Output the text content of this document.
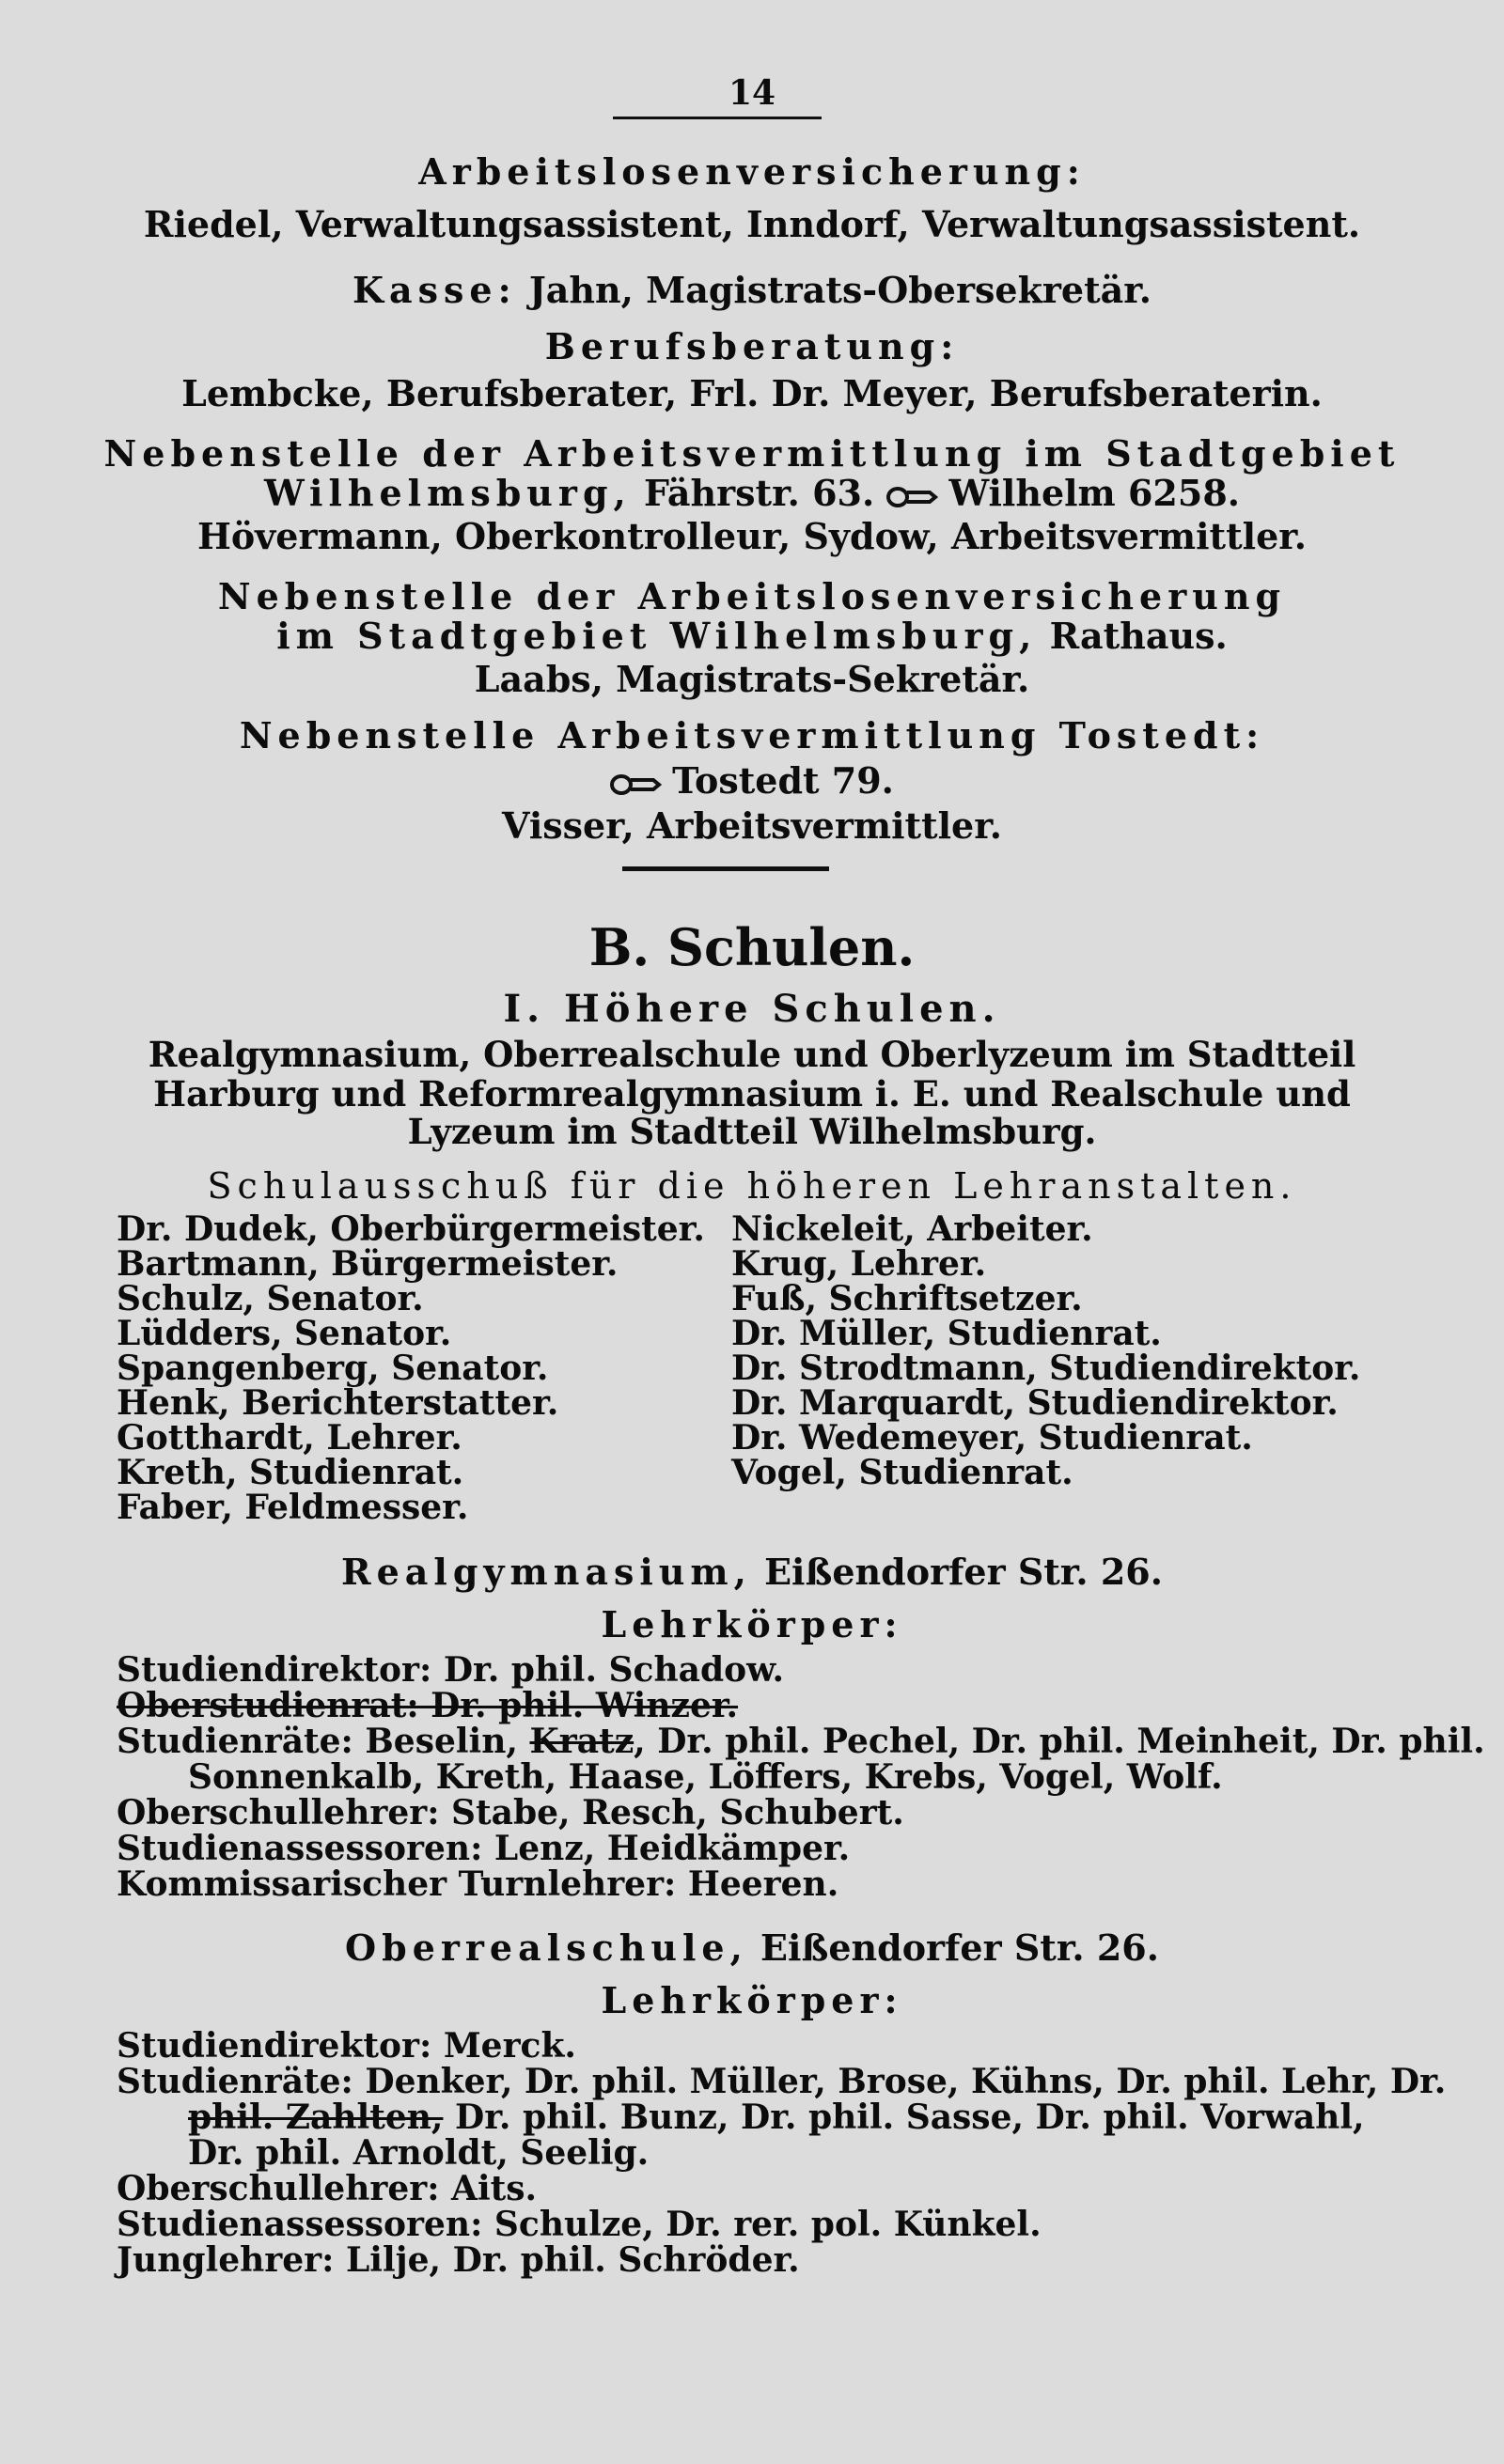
14
Arbeitslosenversicherung:
Riedel, Verwaltungsassistent, Inndorf, Verwaltungsassistent.
Kasse: Jahn, Magistrats-Obersekretär.
Berufsberatung:
Lembcke, Berufsberater, Frl. Dr. Meyer, Berufsberaterin.
Nebenstelle der Arbeitsvermittlung im Stadtgebiet
Wilhelmsburg, Fährstr. 63. Wilhelm 6258.
Hövermann, Oberkontrolleur, Sydow, Arbeitsvermittler.
Nebenstelle der Arbeitslosenversicherung
im Stadtgebiet Wilhelmsburg, Rathaus.
Laabs, Magistrats-Sekretär.
Nebenstelle Arbeitsvermittlung Tostedt:
Tostedt 79.
Visser, Arbeitsvermittler.
B. Schulen.
I. Höhere Schulen.
Realgymnasium, Oberrealschule und Oberlyzeum im Stadtteil
Harburg und Reformrealgymnasium i. E. und Realschule und
Lyzeum im Stadtteil Wilhelmsburg.
Schulausschuß für die höheren Lehranstalten.
Dr. Dudek, Oberbürgermeister.
Bartmann, Bürgermeister.
Schulz, Senator.
Lüdders, Senator.
Spangenberg, Senator.
Henk, Berichterstatter.
Gotthardt, Lehrer.
Kreth, Studienrat.
Faber, Feldmesser.
Nickeleit, Arbeiter.
Krug, Lehrer.
Fuß, Schriftsetzer.
Dr. Müller, Studienrat.
Dr. Strodtmann, Studiendirektor.
Dr. Marquardt, Studiendirektor.
Dr. Wedemeyer, Studienrat.
Vogel, Studienrat.
Realgymnasium, Eißendorfer Str. 26.
Lehrkörper:
Studiendirektor: Dr. phil. Schadow.
Oberstudienrat: Dr. phil. Winzer.
Studienräte: Beselin, Kratz, Dr. phil. Pechel, Dr. phil. Meinheit, Dr. phil.
Sonnenkalb, Kreth, Haase, Löffers, Krebs, Vogel, Wolf.
Oberschullehrer: Stabe, Resch, Schubert.
Studienassessoren: Lenz, Heidkämper.
Kommissarischer Turnlehrer: Heeren.
Oberrealschule, Eißendorfer Str. 26.
Lehrkörper:
Studiendirektor: Merck.
Studienräte: Denker, Dr. phil. Müller, Brose, Kühns, Dr. phil. Lehr, Dr.
phil. Zahlten, Dr. phil. Bunz, Dr. phil. Sasse, Dr. phil. Vorwahl,
Dr. phil. Arnoldt, Seelig.
Oberschullehrer: Aits.
Studienassessoren: Schulze, Dr. rer. pol. Künkel.
Junglehrer: Lilje, Dr. phil. Schröder.
